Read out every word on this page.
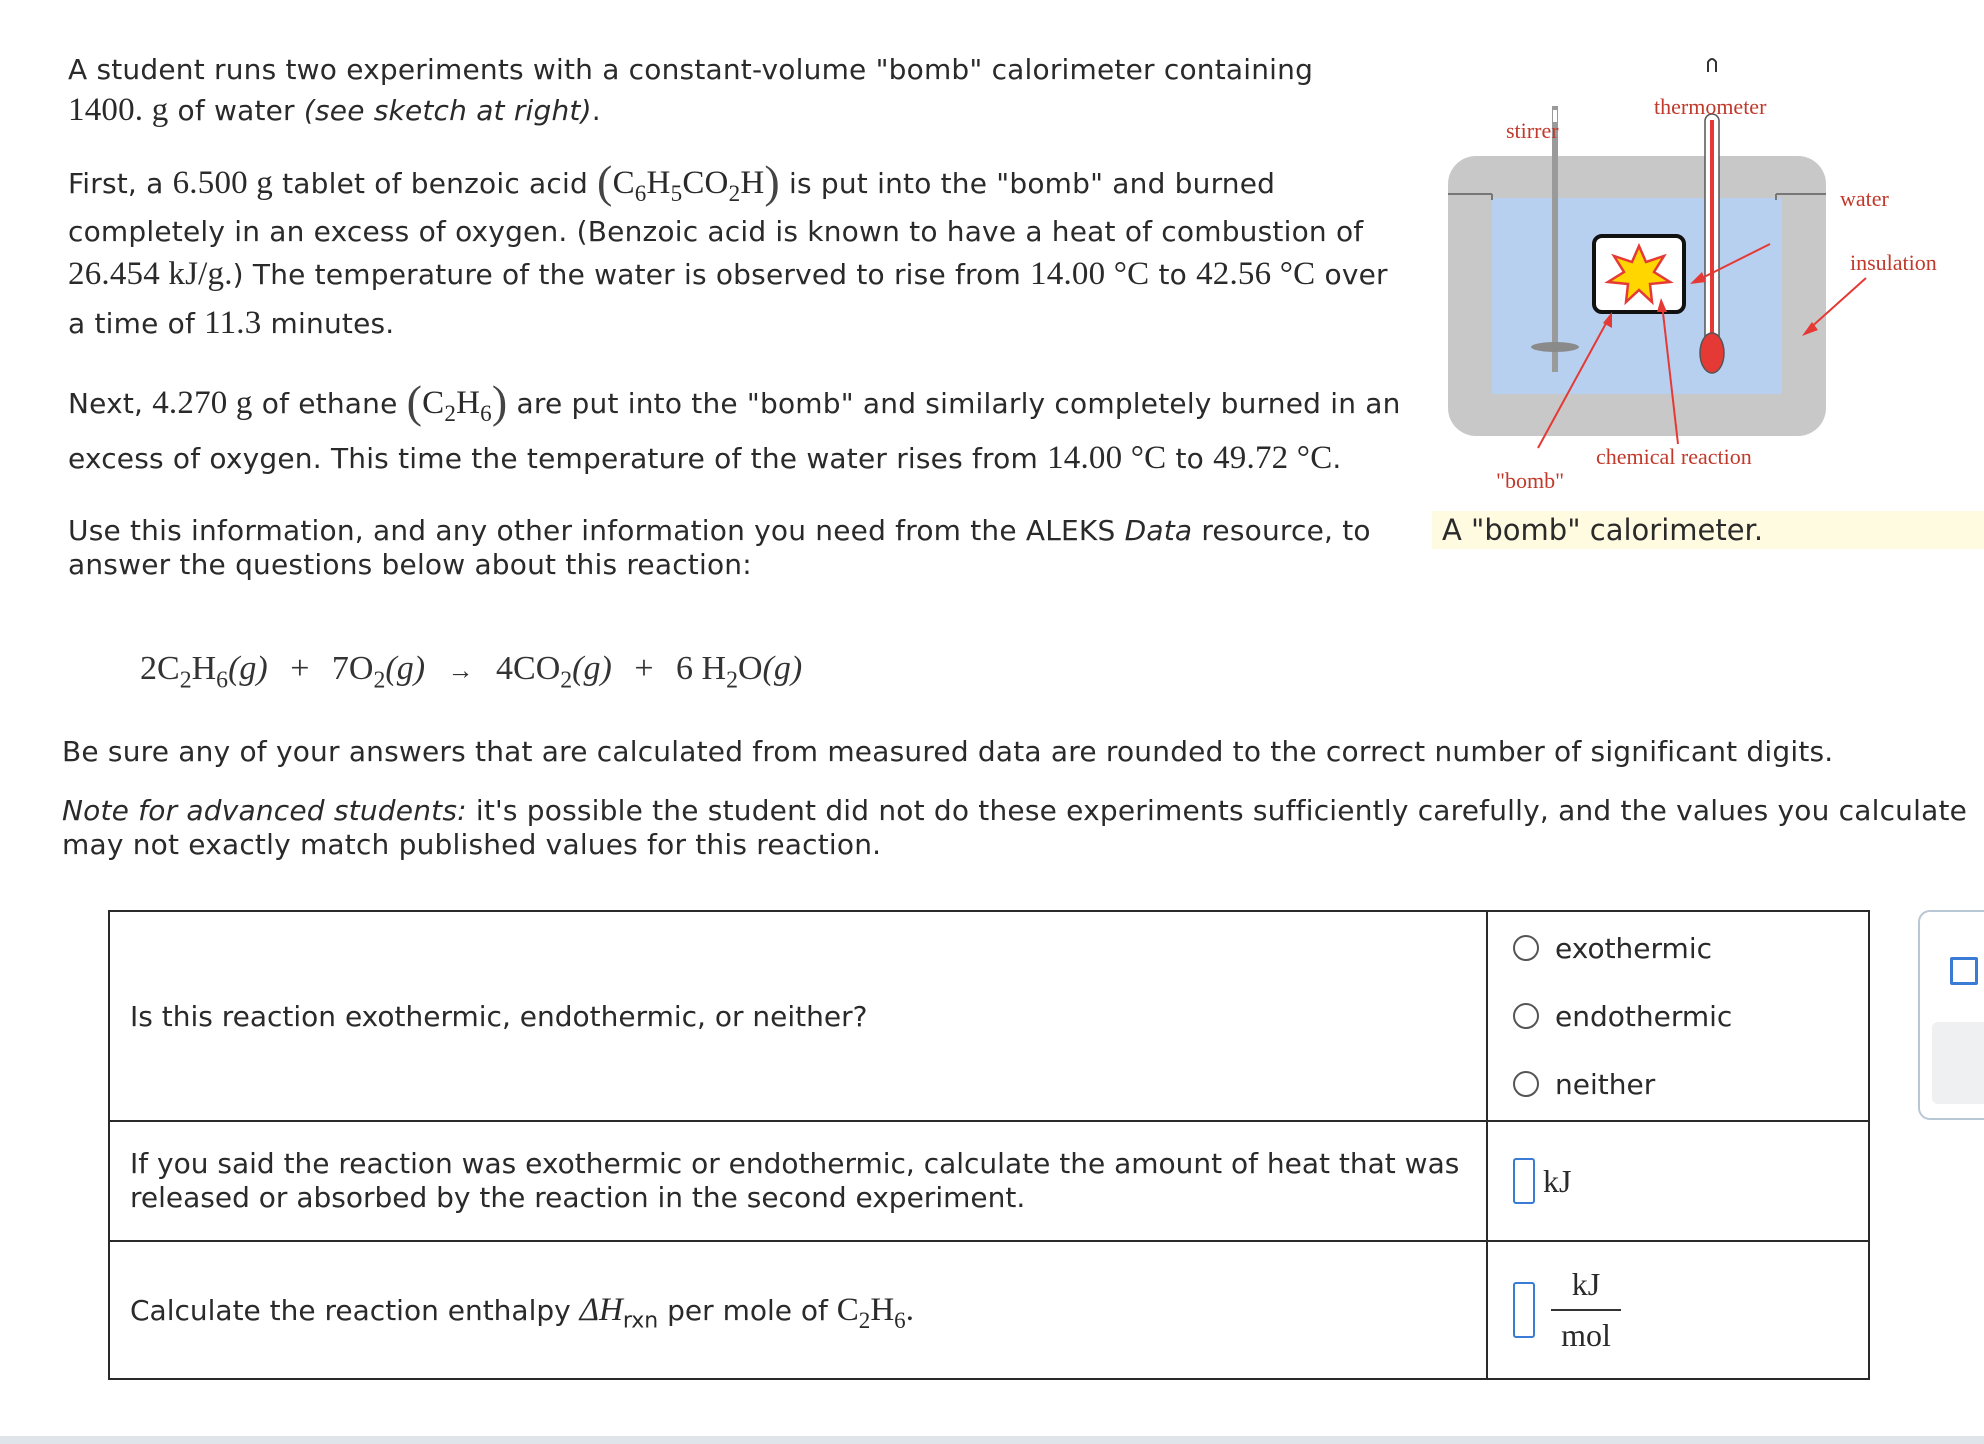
A student runs two experiments with a constant-volume "bomb" calorimeter containing
1400. g of water (see sketch at right).
First, a 6.500 g tablet of benzoic acid $(C_6H_5CO_2H)$ is put into the "bomb" and burned
completely in an excess of oxygen. (Benzoic acid is known to have a heat of combustion of
26.454 kJ/g.) The temperature of the water is observed to rise from 14.00 °C to 42.56 °C over
a time of 11.3 minutes.
Next, 4.270 g of ethane $(C_2H_6)$ are put into the "bomb" and similarly completely burned in an
excess of oxygen. This time the temperature of the water rises from 14.00 °C to 49.72 °C.
Use this information, and any other information you need from the ALEKS Data resource, to
answer the questions below about this reaction:
stirrer
thermometer
water
insulation
chemical reaction
"bomb"
A "bomb" calorimeter.
$2C_2H_6(g) + 7O_2(g) \to 4CO_2(g) + 6$ $H_2O(g)$
Be sure any of your answers that are calculated from measured data are rounded to the correct number of significant digits.
Note for advanced students: it's possible the student did not do these experiments sufficiently carefully, and the values you calculate
may not exactly match published values for this reaction.
Is this reaction exothermic, endothermic, or neither?	exothermic
endothermic
neither

If you said the reaction was exothermic or endothermic, calculate the amount of heat that was
released or absorbed by the reaction in the second experiment.	kJ

Calculate the reaction enthalpy $\Delta H_{rxn}$ per mole of $C_2H_6$.	kJ
mol
